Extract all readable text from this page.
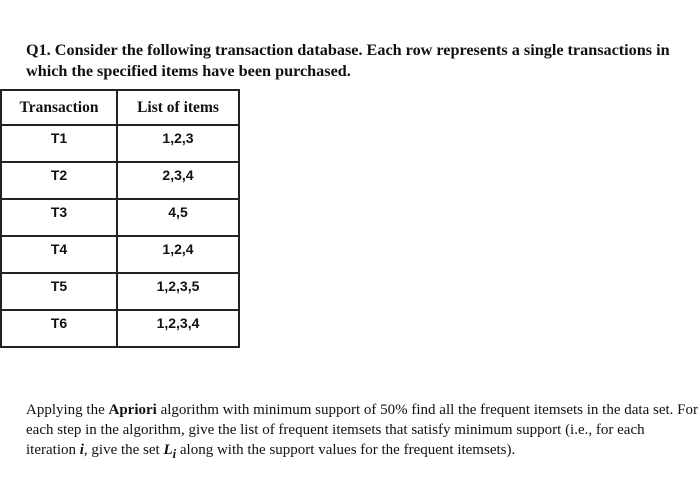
Q1. Consider the following transaction database. Each row represents a single transactions in which the specified items have been purchased.
Transaction	List of items
T1	1,2,3
T2	2,3,4
T3	4,5
T4	1,2,4
T5	1,2,3,5
T6	1,2,3,4
Applying the Apriori algorithm with minimum support of 50% find all the frequent itemsets in the data set. For each step in the algorithm, give the list of frequent itemsets that satisfy minimum support (i.e., for each iteration i, give the set $L_i$ along with the support values for the frequent itemsets).
